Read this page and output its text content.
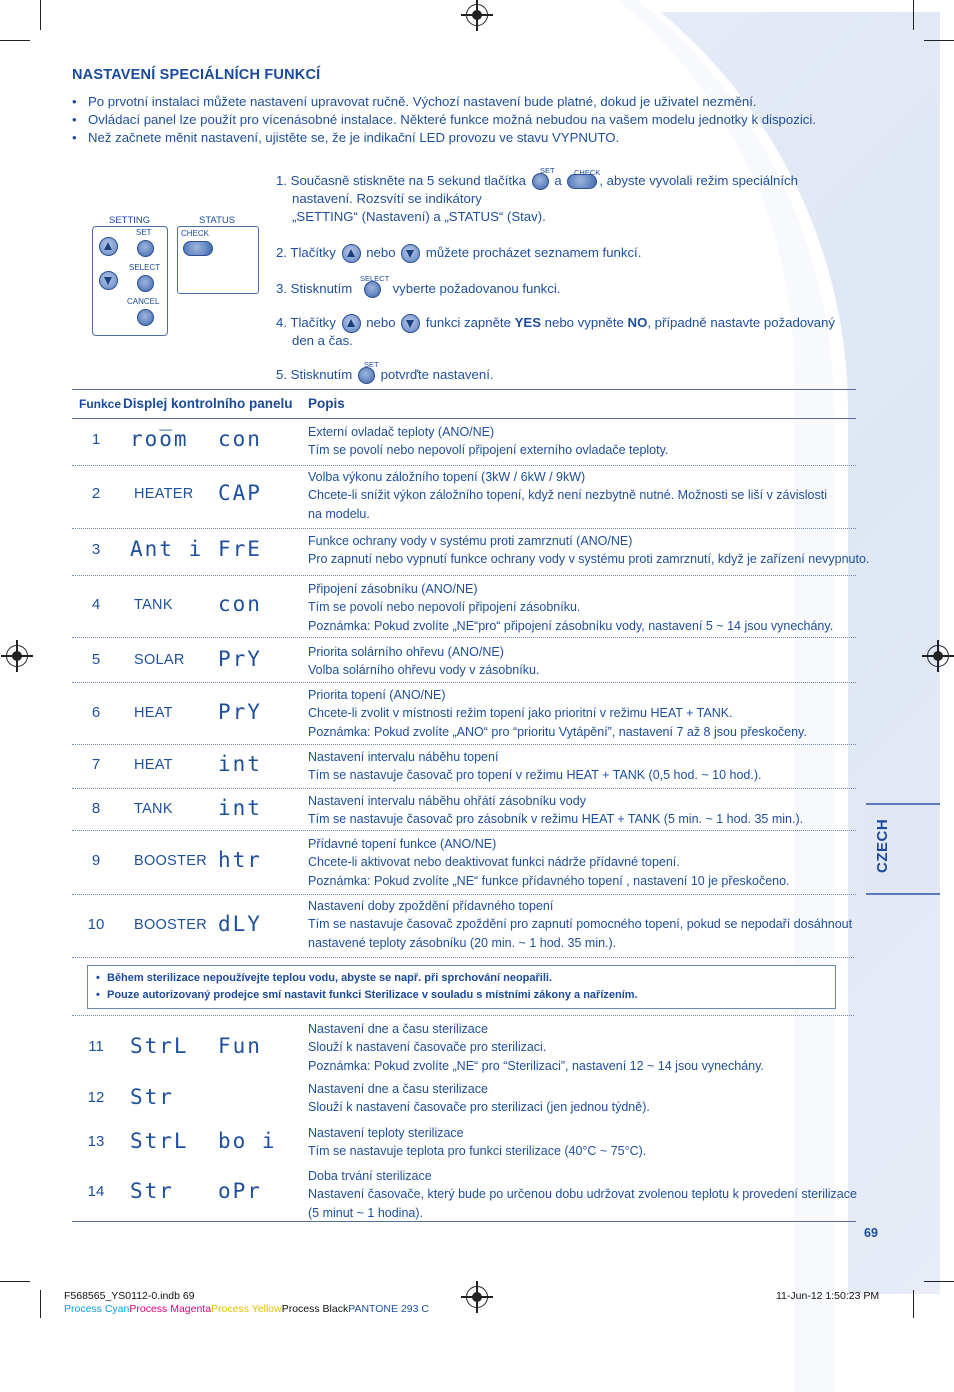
NASTAVENÍ SPECIÁLNÍCH FUNKCÍ
• Po prvotní instalaci můžete nastavení upravovat ručně. Výchozí nastavení bude platné, dokud je uživatel nezmění.
• Ovládací panel lze použít pro vícenásobné instalace. Některé funkce možná nebudou na vašem modelu jednotky k dispozici.
• Než začnete měnit nastavení, ujistěte se, že je indikační LED provozu ve stavu VYPNUTO.
SETTING	STATUS
SET
SELECT
CANCEL
CHECK
1. Současně stiskněte na 5 sekund tlačítka a	, abyste vyvolali režim speciálních
SET	CHECK
nastavení. Rozsvítí se indikátory
„SETTING“ (Nastavení) a „STATUS“ (Stav).
2. Tlačítky nebo můžete procházet seznamem funkcí.
3. Stisknutím	vyberte požadovanou funkci.
SELECT
4. Tlačítky nebo funkci zapněte YES nebo vypněte NO, případně nastavte požadovaný
den a čas.
5. Stisknutím potvrďte nastavení.
SET
Funkce Displej kontrolního panelu Popis
1	roo̅m con	Externí ovladač teploty (ANO/NE)
Tím se povolí nebo nepovolí připojení externího ovladače teploty.
2	HEATER CAP
Volba výkonu záložního topení (3kW / 6kW / 9kW)
Chcete-li snížit výkon záložního topení, když není nezbytně nutné. Možnosti se liší v závislosti
na modelu.
3	Ant i FrE	Funkce ochrany vody v systému proti zamrznutí (ANO/NE)
Pro zapnutí nebo vypnutí funkce ochrany vody v systému proti zamrznutí, když je zařízení nevypnuto.
4	TANK con
Připojení zásobníku (ANO/NE)
Tím se povolí nebo nepovolí připojení zásobníku.
Poznámka: Pokud zvolíte „NE“pro“ připojení zásobníku vody, nastavení 5 ~ 14 jsou vynechány.
5	SOLAR PrY	Priorita solárního ohřevu (ANO/NE)
Volba solárního ohřevu vody v zásobníku.
6	HEAT PrY
Priorita topení (ANO/NE)
Chcete-li zvolit v místnosti režim topení jako prioritní v režimu HEAT + TANK.
Poznámka: Pokud zvolíte „ANO“ pro “prioritu Vytápění”, nastavení 7 až 8 jsou přeskočeny.
7	HEAT int	Nastavení intervalu náběhu topení
Tím se nastavuje časovač pro topení v režimu HEAT + TANK (0,5 hod. ~ 10 hod.).
8	TANK int	Nastavení intervalu náběhu ohřátí zásobníku vody
Tím se nastavuje časovač pro zásobník v režimu HEAT + TANK (5 min. ~ 1 hod. 35 min.).
9	BOOSTER htr
Přídavné topení funkce (ANO/NE)
Chcete-li aktivovat nebo deaktivovat funkci nádrže přídavné topení.
Poznámka: Pokud zvolíte „NE“ funkce přídavného topení , nastavení 10 je přeskočeno.
10	BOOSTER dLY
Nastavení doby zpoždění přídavného topení
Tím se nastavuje časovač zpoždění pro zapnutí pomocného topení, pokud se nepodaří dosáhnout
nastavené teploty zásobníku (20 min. ~ 1 hod. 35 min.).
• Během sterilizace nepoužívejte teplou vodu, abyste se např. při sprchování neopařili.
• Pouze autorizovaný prodejce smí nastavit funkci Sterilizace v souladu s místními zákony a nařízením.
11	StrL Fun
Nastavení dne a času sterilizace
Slouží k nastavení časovače pro sterilizaci.
Poznámka: Pokud zvolíte „NE“ pro “Sterilizaci”, nastavení 12 ~ 14 jsou vynechány.
12	Str	Nastavení dne a času sterilizace
Slouží k nastavení časovače pro sterilizaci (jen jednou týdně).
13	StrL bo i	Nastavení teploty sterilizace
Tím se nastavuje teplota pro funkci sterilizace (40°C ~ 75°C).
14	Str oPr
Doba trvání sterilizace
Nastavení časovače, který bude po určenou dobu udržovat zvolenou teplotu k provedení sterilizace
(5 minut ~ 1 hodina).
CZECH
69
F568565_YS0112-0.indb 69	11-Jun-12 1:50:23 PM
Process CyanProcess MagentaProcess YellowProcess BlackPANTONE 293 C
